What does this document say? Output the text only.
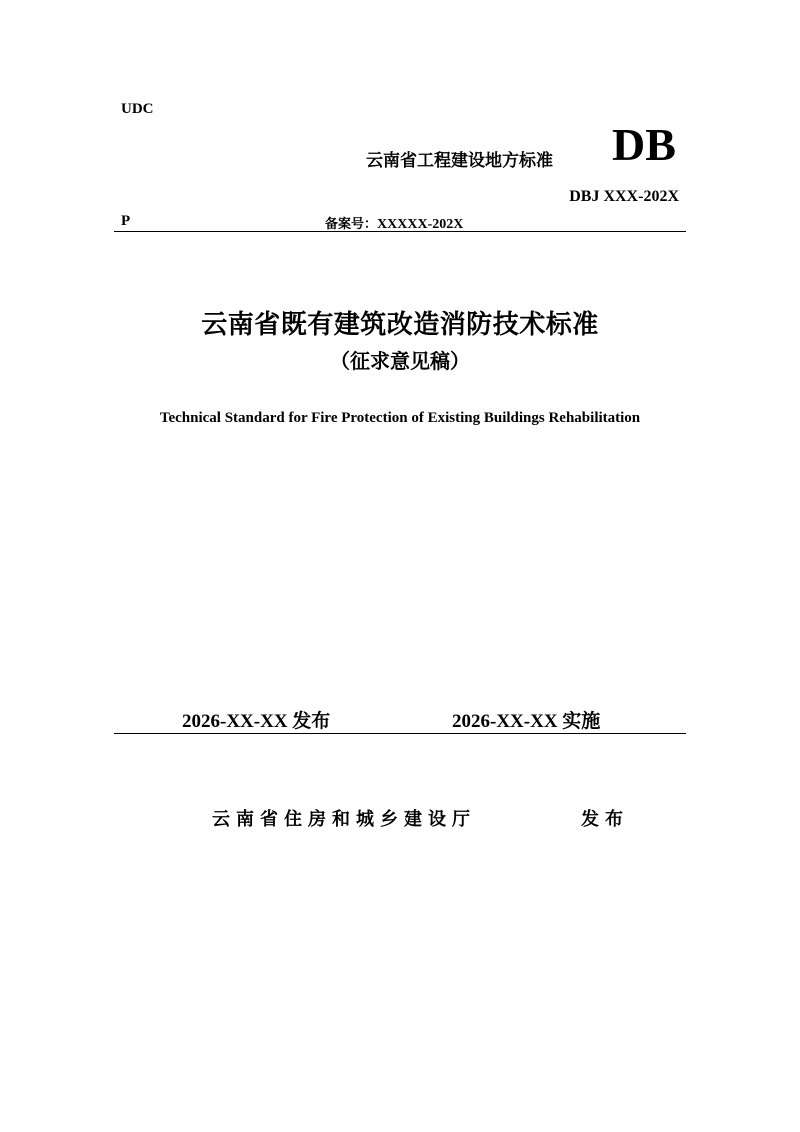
UDC
云南省工程建设地方标准 DB
DBJ XXX-202X
P	备案号：XXXXX-202X
云南省既有建筑改造消防技术标准
（征求意见稿）
Technical Standard for Fire Protection of Existing Buildings Rehabilitation
2026-XX-XX 发布	2026-XX-XX 实施
云南省住房和城乡建设厅	发布
